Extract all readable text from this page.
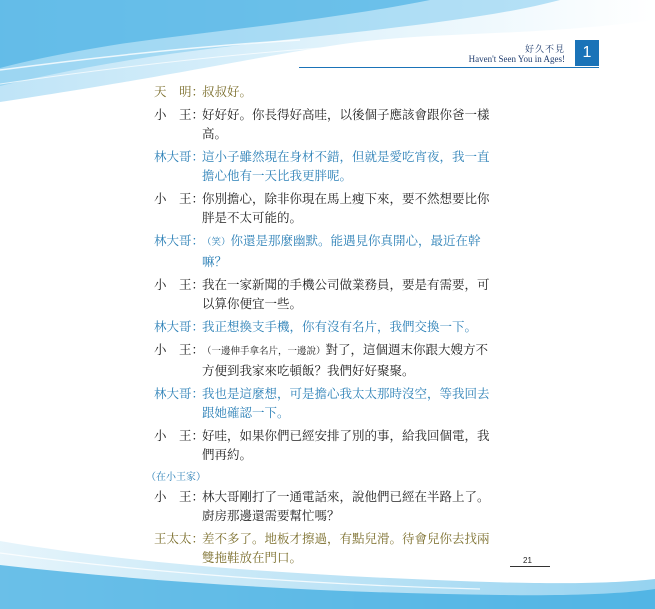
好久不見
Haven't Seen You in Ages!	1
天　明：
叔叔好。
小　王：
好好好。你長得好高哇，以後個子應該會跟你爸一樣
高。
林大哥：
這小子雖然現在身材不錯，但就是愛吃宵夜，我一直
擔心他有一天比我更胖呢。
小　王：
你別擔心，除非你現在馬上瘦下來，要不然想要比你
胖是不太可能的。
林大哥：
（笑）你還是那麼幽默。能遇見你真開心，最近在幹
嘛？
小　王：
我在一家新聞的手機公司做業務員，要是有需要，可
以算你便宜一些。
林大哥：
我正想換支手機，你有沒有名片，我們交換一下。
小　王：
（一邊伸手拿名片，一邊說）對了，這個週末你跟大嫂方不
方便到我家來吃頓飯？我們好好聚聚。
林大哥：
我也是這麼想，可是擔心我太太那時沒空，等我回去
跟她確認一下。
小　王：
好哇，如果你們已經安排了別的事，給我回個電，我
們再約。
（在小王家）
小　王：
林大哥剛打了一通電話來，說他們已經在半路上了。
廚房那邊還需要幫忙嗎？
王太太：
差不多了。地板才擦過，有點兒滑。待會兒你去找兩
雙拖鞋放在門口。	21
